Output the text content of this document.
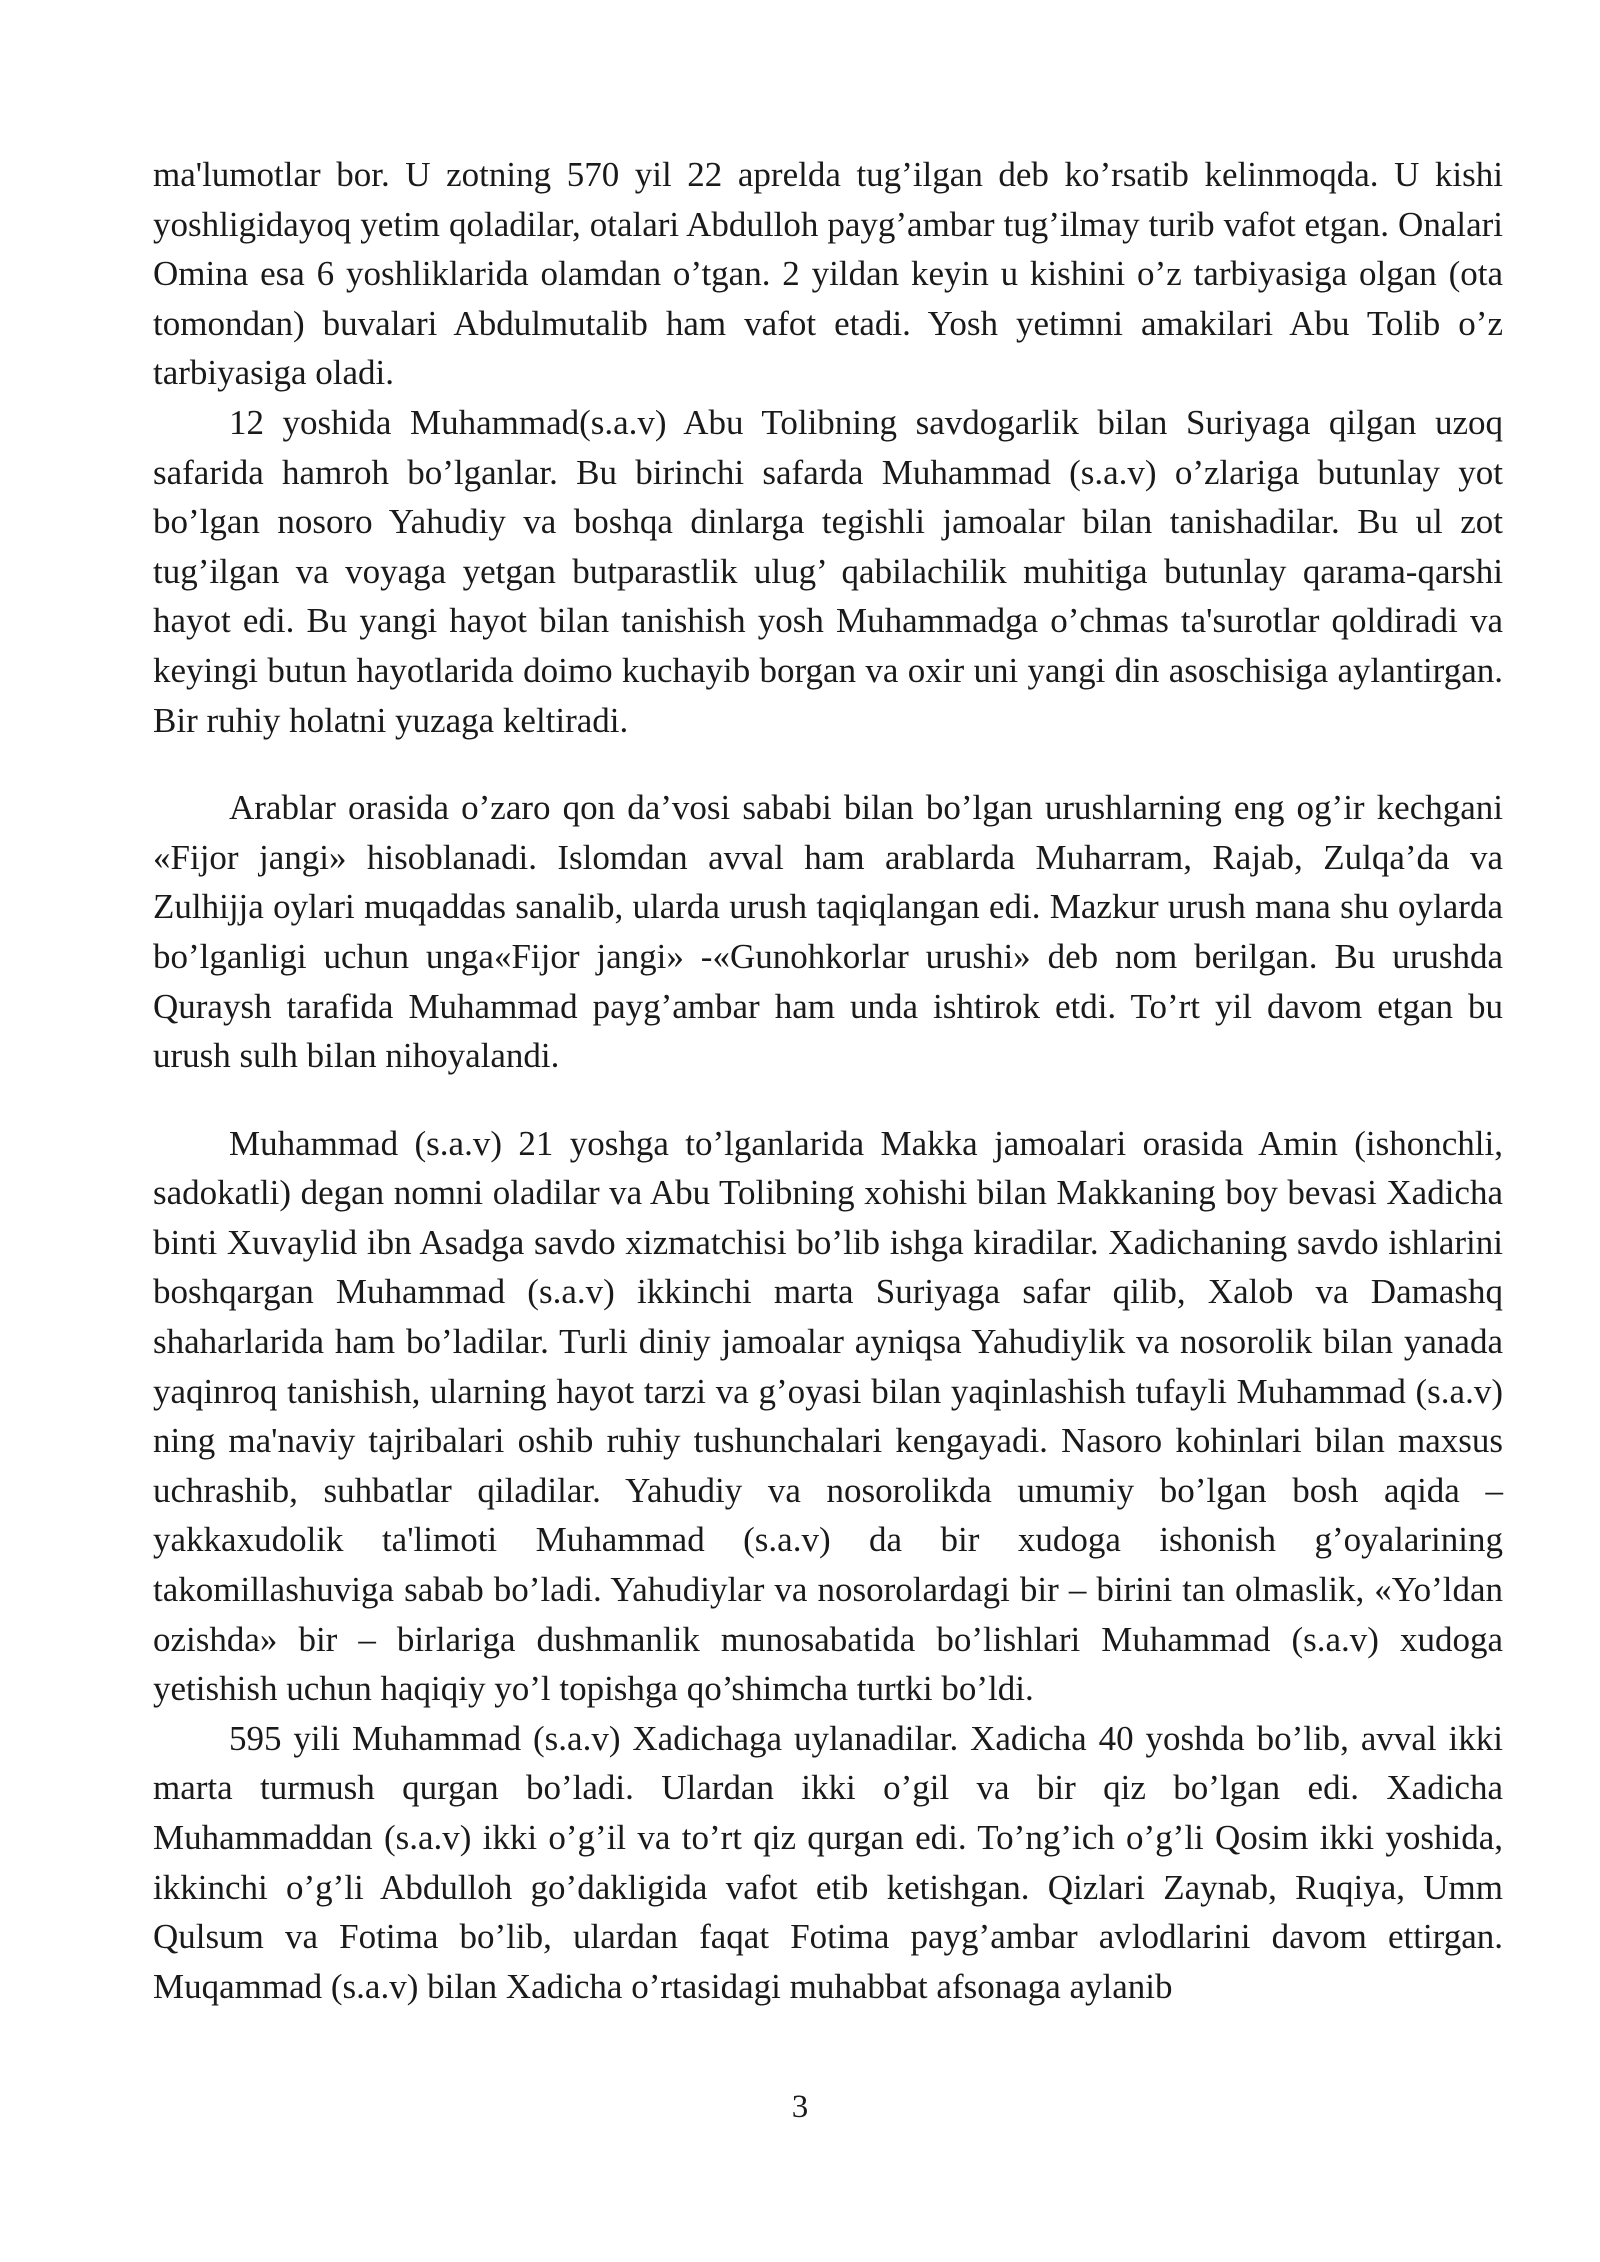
ma'lumotlar bor. U zotning 570 yil 22 aprelda tug’ilgan deb ko’rsatib kelinmoqda. U kishi yoshligidayoq yetim qoladilar, otalari Abdulloh payg’ambar tug’ilmay turib vafot etgan. Onalari Omina esa 6 yoshliklarida olamdan o’tgan. 2 yildan keyin u kishini o’z tarbiyasiga olgan (ota tomondan) buvalari Abdulmutalib ham vafot etadi. Yosh yetimni amakilari Abu Tolib o’z tarbiyasiga oladi.

12 yoshida Muhammad(s.a.v) Abu Tolibning savdogarlik bilan Suriyaga qilgan uzoq safarida hamroh bo’lganlar. Bu birinchi safarda Muhammad (s.a.v) o’zlariga butunlay yot bo’lgan nosoro Yahudiy va boshqa dinlarga tegishli jamoalar bilan tanishadilar. Bu ul zot tug’ilgan va voyaga yetgan butparastlik ulug’ qabilachilik muhitiga butunlay qarama-qarshi hayot edi. Bu yangi hayot bilan tanishish yosh Muhammadga o’chmas ta'surotlar qoldiradi va keyingi butun hayotlarida doimo kuchayib borgan va oxir uni yangi din asoschisiga aylantirgan. Bir ruhiy holatni yuzaga keltiradi.

Arablar orasida o’zaro qon da’vosi sababi bilan bo’lgan urushlarning eng og’ir kechgani «Fijor jangi» hisoblanadi. Islomdan avval ham arablarda Muharram, Rajab, Zulqa’da va Zulhijja oylari muqaddas sanalib, ularda urush taqiqlangan edi. Mazkur urush mana shu oylarda bo’lganligi uchun unga«Fijor jangi» -«Gunohkorlar urushi» deb nom berilgan. Bu urushda Quraysh tarafida Muhammad payg’ambar ham unda ishtirok etdi. To’rt yil davom etgan bu urush sulh bilan nihoyalandi.

Muhammad (s.a.v) 21 yoshga to’lganlarida Makka jamoalari orasida Amin (ishonchli, sadokatli) degan nomni oladilar va Abu Tolibning xohishi bilan Makkaning boy bevasi Xadicha binti Xuvaylid ibn Asadga savdo xizmatchisi bo’lib ishga kiradilar. Xadichaning savdo ishlarini boshqargan Muhammad (s.a.v) ikkinchi marta Suriyaga safar qilib, Xalob va Damashq shaharlarida ham bo’ladilar. Turli diniy jamoalar ayniqsa Yahudiylik va nosorolik bilan yanada yaqinroq tanishish, ularning hayot tarzi va g’oyasi bilan yaqinlashish tufayli Muhammad (s.a.v) ning ma'naviy tajribalari oshib ruhiy tushunchalari kengayadi. Nasoro kohinlari bilan maxsus uchrashib, suhbatlar qiladilar. Yahudiy va nosorolikda umumiy bo’lgan bosh aqida – yakkaxudolik ta'limoti Muhammad (s.a.v) da bir xudoga ishonish g’oyalarining takomillashuviga sabab bo’ladi. Yahudiylar va nosorolardagi bir – birini tan olmaslik, «Yo’ldan ozishda» bir – birlariga dushmanlik munosabatida bo’lishlari Muhammad (s.a.v) xudoga yetishish uchun haqiqiy yo’l topishga qo’shimcha turtki bo’ldi.

595 yili Muhammad (s.a.v) Xadichaga uylanadilar. Xadicha 40 yoshda bo’lib, avval ikki marta turmush qurgan bo’ladi. Ulardan ikki o’gil va bir qiz bo’lgan edi. Xadicha Muhammaddan (s.a.v) ikki o’g’il va to’rt qiz qurgan edi. To’ng’ich o’g’li Qosim ikki yoshida, ikkinchi o’g’li Abdulloh go’dakligida vafot etib ketishgan. Qizlari Zaynab, Ruqiya, Umm Qulsum va Fotima bo’lib, ulardan faqat Fotima payg’ambar avlodlarini davom ettirgan. Muqammad (s.a.v) bilan Xadicha o’rtasidagi muhabbat afsonaga aylanib

3
